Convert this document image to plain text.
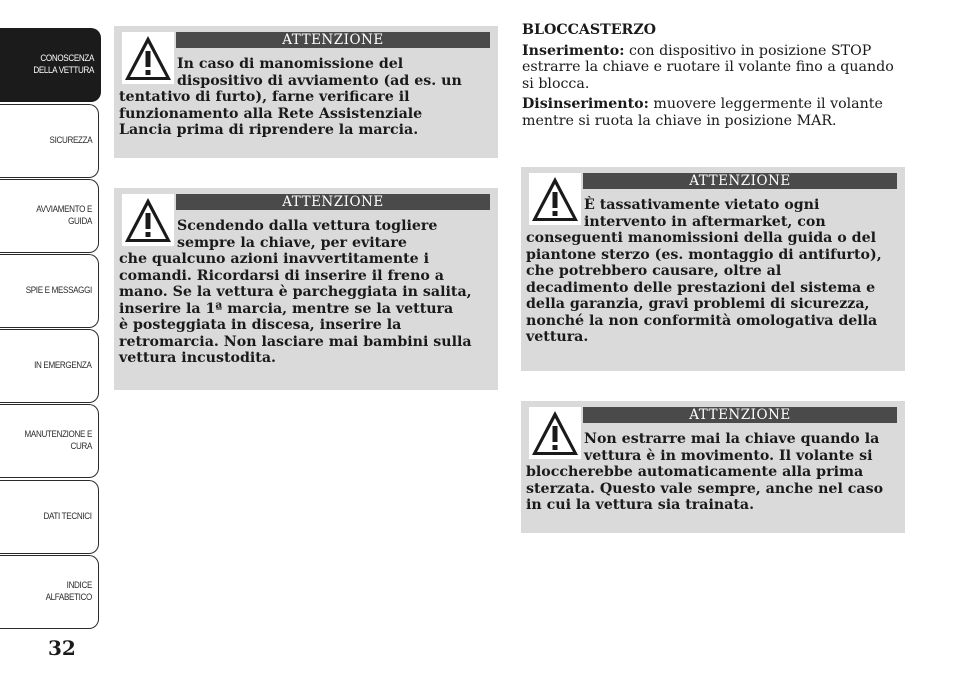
CONOSCENZA DELLA VETTURA
SICUREZZA
AVVIAMENTO E GUIDA
SPIE E MESSAGGI
IN EMERGENZA
MANUTENZIONE E CURA
DATI TECNICI
INDICE ALFABETICO
32
ATTENZIONE
In caso di manomissione del
dispositivo di avviamento (ad es. un
tentativo di furto), farne verificare il
funzionamento alla Rete Assistenziale
Lancia prima di riprendere la marcia.
ATTENZIONE
Scendendo dalla vettura togliere
sempre la chiave, per evitare
che qualcuno azioni inavvertitamente i
comandi. Ricordarsi di inserire il freno a
mano. Se la vettura è parcheggiata in salita,
inserire la 1ª marcia, mentre se la vettura
è posteggiata in discesa, inserire la
retromarcia. Non lasciare mai bambini sulla
vettura incustodita.
BLOCCASTERZO

Inserimento: con dispositivo in posizione STOP estrarre la chiave e ruotare il volante fino a quando si blocca.

Disinserimento: muovere leggermente il volante mentre si ruota la chiave in posizione MAR.

ATTENZIONE
È tassativamente vietato ogni
intervento in aftermarket, con
conseguenti manomissioni della guida o del
piantone sterzo (es. montaggio di antifurto),
che potrebbero causare, oltre al
decadimento delle prestazioni del sistema e
della garanzia, gravi problemi di sicurezza,
nonché la non conformità omologativa della
vettura.
ATTENZIONE
Non estrarre mai la chiave quando la
vettura è in movimento. Il volante si
bloccherebbe automaticamente alla prima
sterzata. Questo vale sempre, anche nel caso
in cui la vettura sia trainata.
